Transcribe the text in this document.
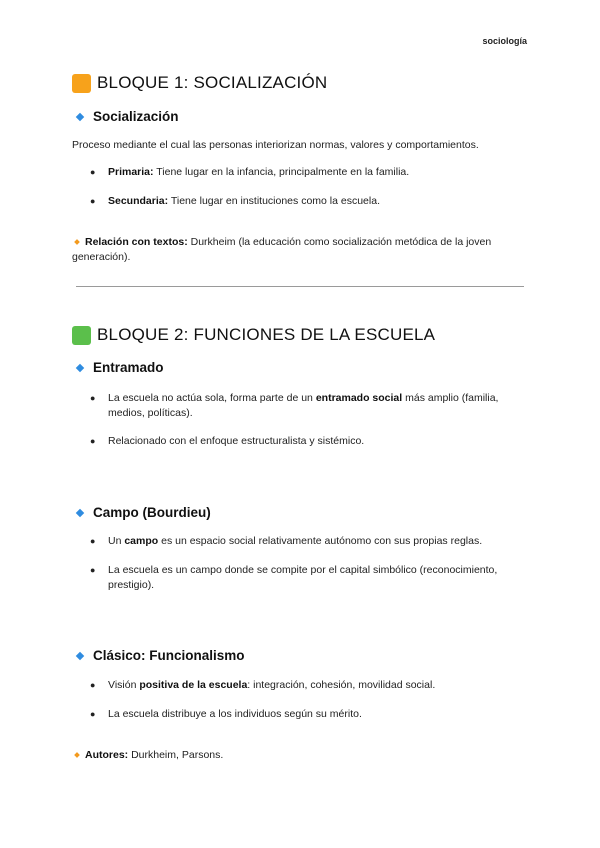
sociología
BLOQUE 1: SOCIALIZACIÓN
Socialización
Proceso mediante el cual las personas interiorizan normas, valores y comportamientos.
● Primaria: Tiene lugar en la infancia, principalmente en la familia.
● Secundaria: Tiene lugar en instituciones como la escuela.
Relación con textos: Durkheim (la educación como socialización metódica de la joven generación).
BLOQUE 2: FUNCIONES DE LA ESCUELA
Entramado
● La escuela no actúa sola, forma parte de un entramado social más amplio (familia, medios, políticas).
● Relacionado con el enfoque estructuralista y sistémico.
Campo (Bourdieu)
● Un campo es un espacio social relativamente autónomo con sus propias reglas.
● La escuela es un campo donde se compite por el capital simbólico (reconocimiento, prestigio).
Clásico: Funcionalismo
● Visión positiva de la escuela: integración, cohesión, movilidad social.
● La escuela distribuye a los individuos según su mérito.
Autores: Durkheim, Parsons.
